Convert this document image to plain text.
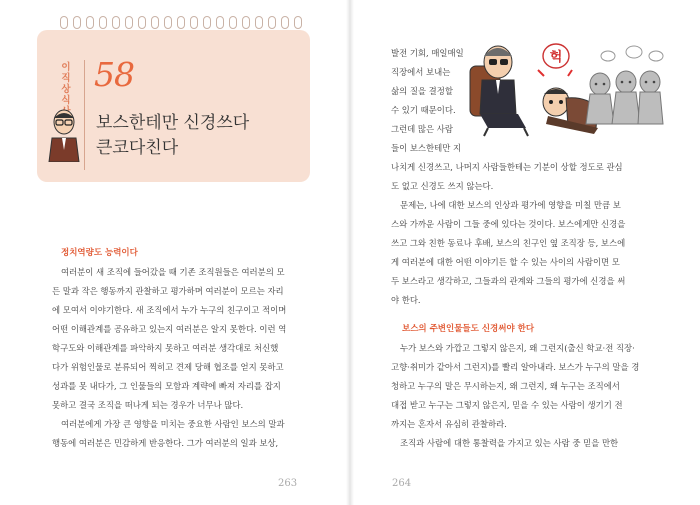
이
직
상
식
58
보스한테만 신경쓰다
큰코다친다
정치역량도 능력이다
여러분이 새 조직에 들어갔을 때 기존 조직원들은 여러분의 모
든 말과 작은 행동까지 관찰하고 평가하며 여러분이 모르는 자리
에 모여서 이야기한다. 새 조직에서 누가 누구의 친구이고 적이며
어떤 이해관계를 공유하고 있는지 여러분은 알지 못한다. 이런 역
학구도와 이해관계를 파악하지 못하고 여러분 생각대로 처신했
다가 위험인물로 분류되어 찍히고 견제 당해 협조를 얻지 못하고
성과를 못 내다가, 그 인물들의 모함과 계략에 빠져 자리를 잡지
못하고 결국 조직을 떠나게 되는 경우가 너무나 많다.
여러분에게 가장 큰 영향을 미치는 중요한 사람인 보스의 말과
행동에 여러분은 민감하게 반응한다. 그가 여러분의 일과 보상,
263
발전 기회, 매일매일
직장에서 보내는
삶의 질을 결정할
수 있기 때문이다.
그런데 많은 사람
들이 보스한테만 지
나치게 신경쓰고, 나머지 사람들한테는 기분이 상할 정도로 관심
도 없고 신경도 쓰지 않는다.
문제는, 나에 대한 보스의 인상과 평가에 영향을 미칠 만큼 보
스와 가까운 사람이 그들 중에 있다는 것이다. 보스에게만 신경을
쓰고 그와 친한 동료나 후배, 보스의 친구인 옆 조직장 등, 보스에
게 여러분에 대한 어떤 이야기든 할 수 있는 사이의 사람이면 모
두 보스라고 생각하고, 그들과의 관계와 그들의 평가에 신경을 써
야 한다.
보스의 주변인물들도 신경써야 한다
누가 보스와 가깝고 그렇지 않은지, 왜 그런지(출신 학교·전 직장·
고향·취미가 같아서 그런지)를 빨리 알아내라. 보스가 누구의 말을 경
청하고 누구의 말은 무시하는지, 왜 그런지, 왜 누구는 조직에서
대접 받고 누구는 그렇지 않은지, 믿을 수 있는 사람이 생기기 전
까지는 혼자서 유심히 관찰하라.
조직과 사람에 대한 통찰력을 가지고 있는 사람 중 믿을 만한
264
헉
